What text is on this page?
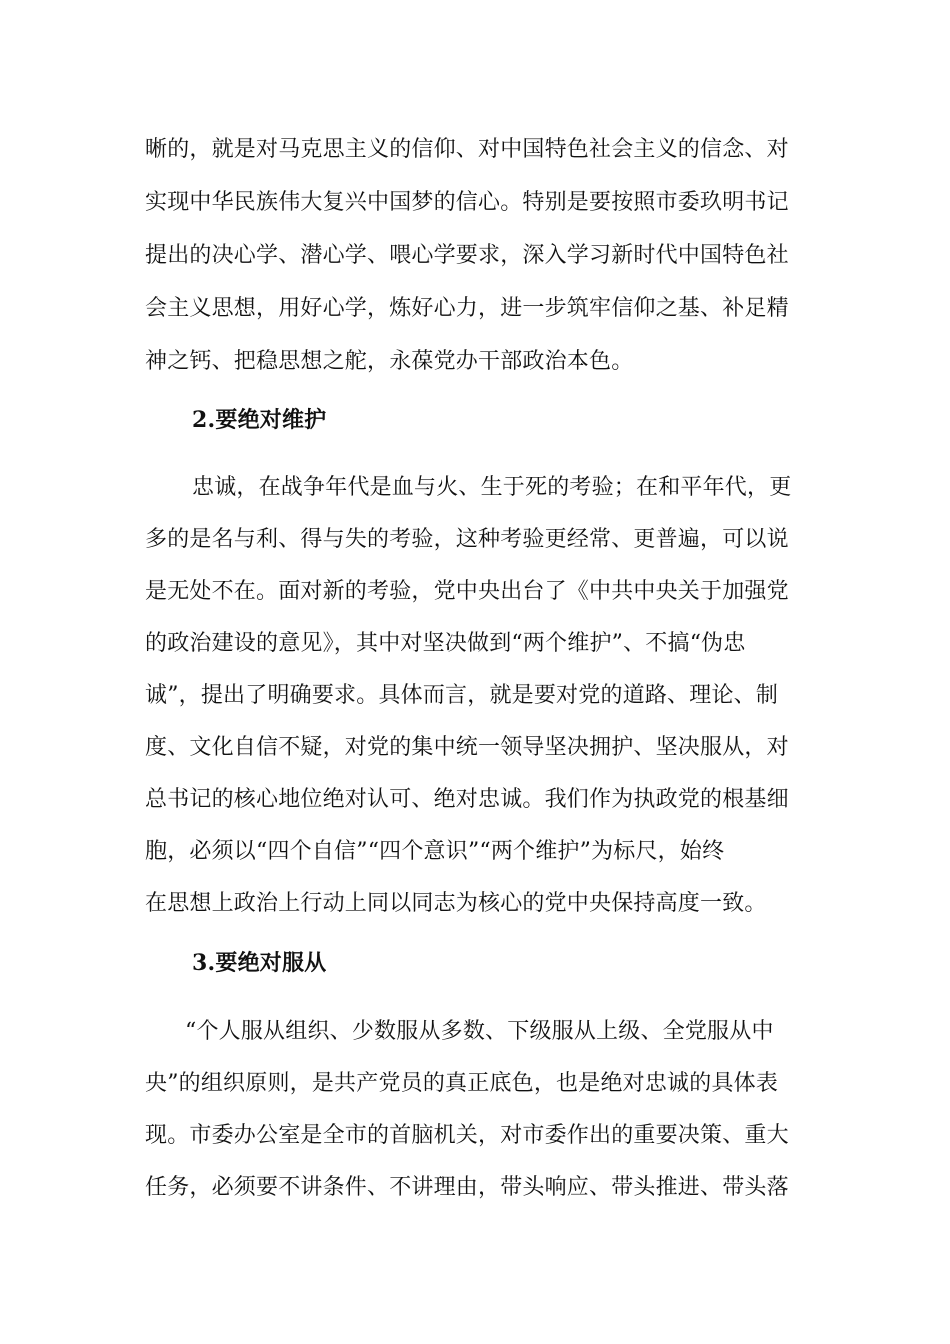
晰的，就是对马克思主义的信仰、对中国特色社会主义的信念、对
实现中华民族伟大复兴中国梦的信心。特别是要按照市委玖明书记
提出的决心学、潜心学、喂心学要求，深入学习新时代中国特色社
会主义思想，用好心学，炼好心力，进一步筑牢信仰之基、补足精
神之钙、把稳思想之舵，永葆党办干部政治本色。
2.要绝对维护
忠诚，在战争年代是血与火、生于死的考验；在和平年代，更
多的是名与利、得与失的考验，这种考验更经常、更普遍，可以说
是无处不在。面对新的考验，党中央出台了《中共中央关于加强党
的政治建设的意见》，其中对坚决做到“两个维护”、不搞“伪忠
诚”，提出了明确要求。具体而言，就是要对党的道路、理论、制
度、文化自信不疑，对党的集中统一领导坚决拥护、坚决服从，对
总书记的核心地位绝对认可、绝对忠诚。我们作为执政党的根基细
胞，必须以“四个自信”“四个意识”“两个维护”为标尺，始终
在思想上政治上行动上同以同志为核心的党中央保持高度一致。
3.要绝对服从
“个人服从组织、少数服从多数、下级服从上级、全党服从中
央”的组织原则，是共产党员的真正底色，也是绝对忠诚的具体表
现。市委办公室是全市的首脑机关，对市委作出的重要决策、重大
任务，必须要不讲条件、不讲理由，带头响应、带头推进、带头落
